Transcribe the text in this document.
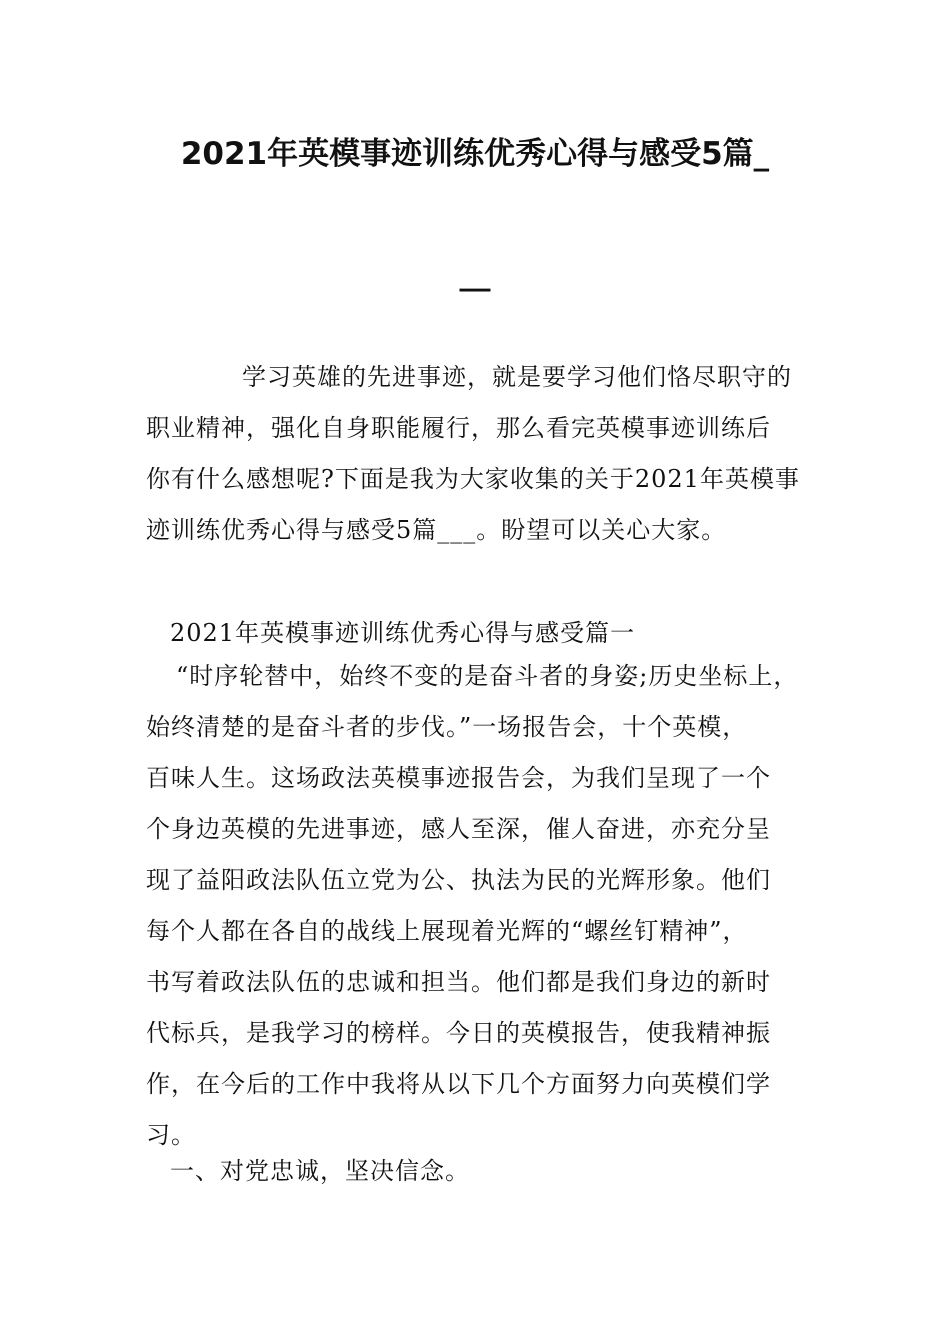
2021年英模事迹训练优秀心得与感受5篇_
__
学习英雄的先进事迹，就是要学习他们恪尽职守的
职业精神，强化自身职能履行，那么看完英模事迹训练后
你有什么感想呢?下面是我为大家收集的关于2021年英模事
迹训练优秀心得与感受5篇___。盼望可以关心大家。
2021年英模事迹训练优秀心得与感受篇一
“时序轮替中，始终不变的是奋斗者的身姿;历史坐标上，
始终清楚的是奋斗者的步伐。”一场报告会，十个英模，
百味人生。这场政法英模事迹报告会，为我们呈现了一个
个身边英模的先进事迹，感人至深，催人奋进，亦充分呈
现了益阳政法队伍立党为公、执法为民的光辉形象。他们
每个人都在各自的战线上展现着光辉的“螺丝钉精神”，
书写着政法队伍的忠诚和担当。他们都是我们身边的新时
代标兵，是我学习的榜样。今日的英模报告，使我精神振
作，在今后的工作中我将从以下几个方面努力向英模们学
习。
一、对党忠诚，坚决信念。
